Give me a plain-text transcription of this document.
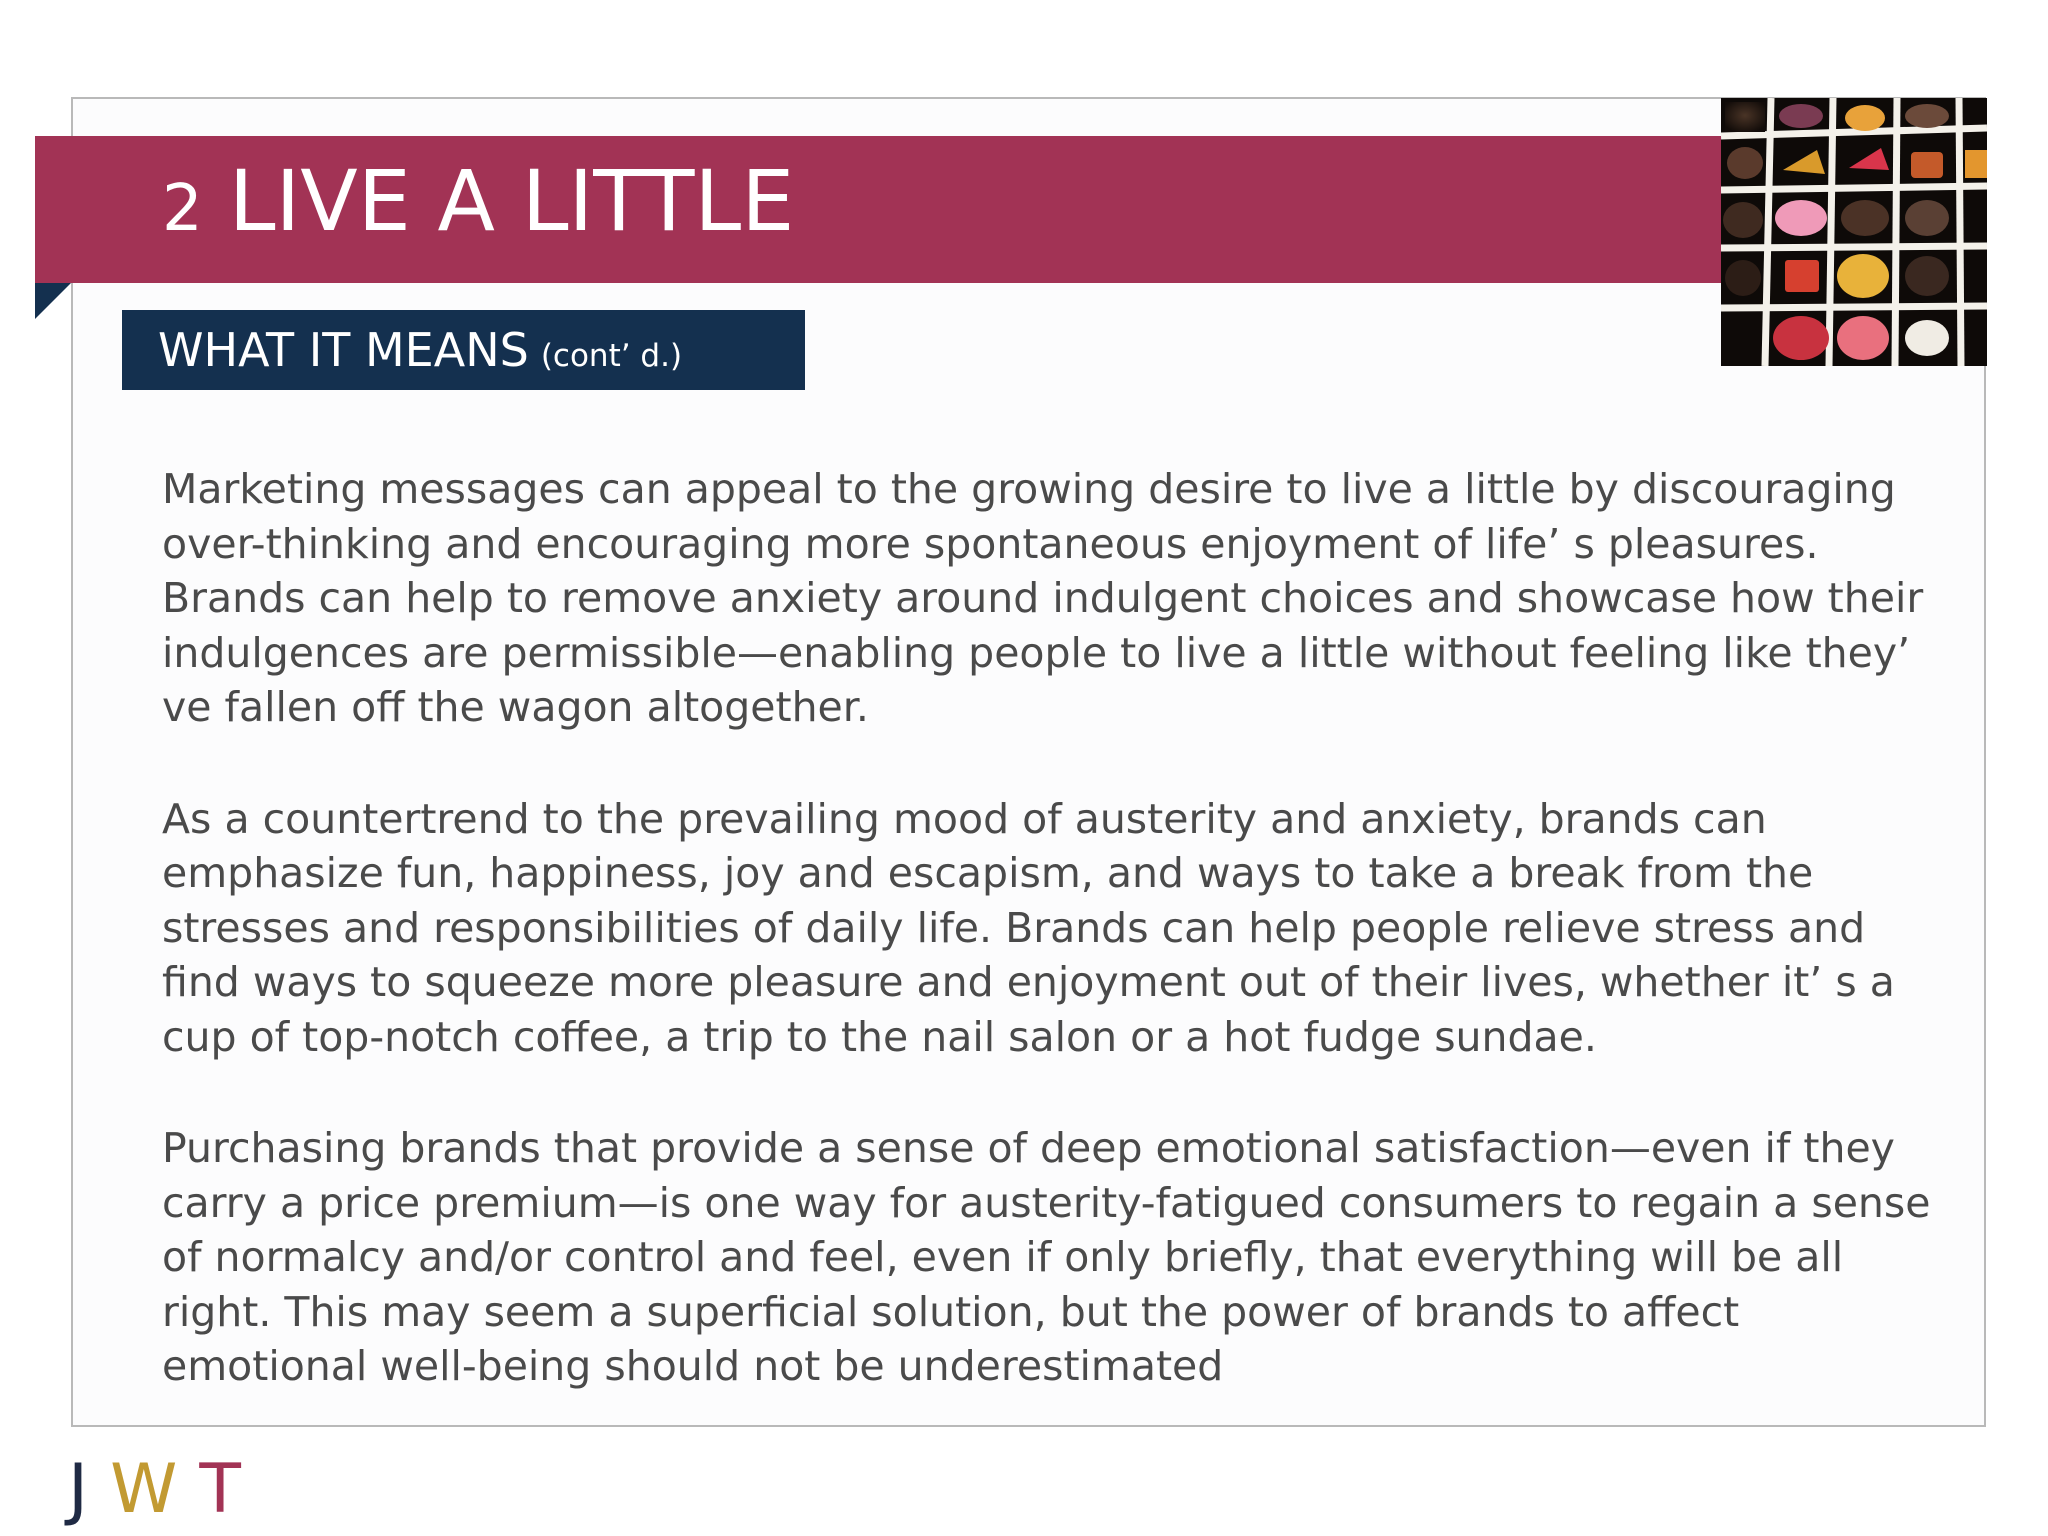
2 LIVE A LITTLE
WHAT IT MEANS (cont’ d.)

Marketing messages can appeal to the growing desire to live a little by discouraging over-thinking and encouraging more spontaneous enjoyment of life’ s pleasures. Brands can help to remove anxiety around indulgent choices and showcase how their indulgences are permissible—enabling people to live a little without feeling like they’ ve fallen off the wagon altogether.

As a countertrend to the prevailing mood of austerity and anxiety, brands can emphasize fun, happiness, joy and escapism, and ways to take a break from the stresses and responsibilities of daily life. Brands can help people relieve stress and find ways to squeeze more pleasure and enjoyment out of their lives, whether it’ s a cup of top-notch coffee, a trip to the nail salon or a hot fudge sundae.

Purchasing brands that provide a sense of deep emotional satisfaction—even if they carry a price premium—is one way for austerity-fatigued consumers to regain a sense of normalcy and/or control and feel, even if only briefly, that everything will be all right. This may seem a superficial solution, but the power of brands to affect emotional well-being should not be underestimated

J W T
